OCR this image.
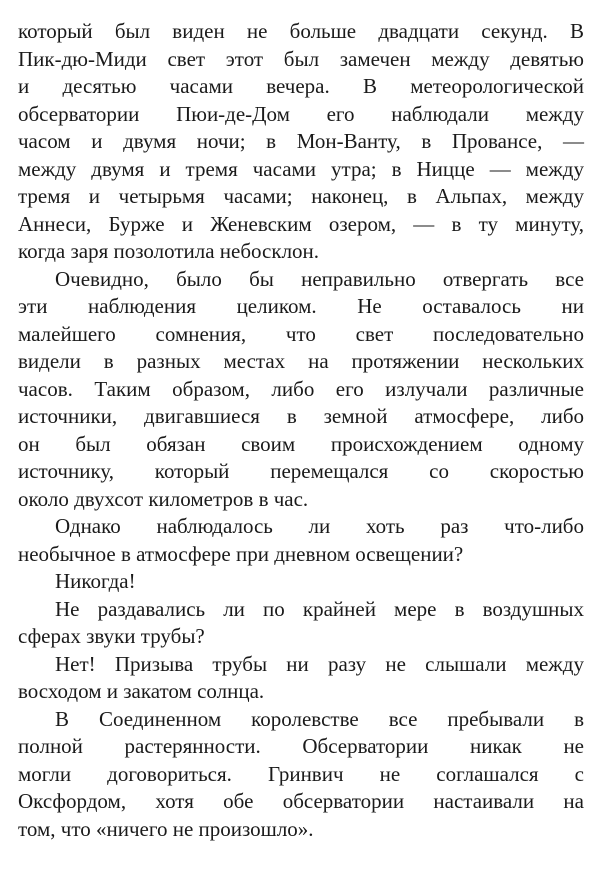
который был виден не больше двадцати секунд. В
Пик-дю-Миди свет этот был замечен между девятью
и десятью часами вечера. В метеорологической
обсерватории Пюи-де-Дом его наблюдали между
часом и двумя ночи; в Мон-Ванту, в Провансе, —
между двумя и тремя часами утра; в Ницце — между
тремя и четырьмя часами; наконец, в Альпах, между
Аннеси, Бурже и Женевским озером, — в ту минуту,
когда заря позолотила небосклон.
Очевидно, было бы неправильно отвергать все
эти наблюдения целиком. Не оставалось ни
малейшего сомнения, что свет последовательно
видели в разных местах на протяжении нескольких
часов. Таким образом, либо его излучали различные
источники, двигавшиеся в земной атмосфере, либо
он был обязан своим происхождением одному
источнику, который перемещался со скоростью
около двухсот километров в час.
Однако наблюдалось ли хоть раз что-либо
необычное в атмосфере при дневном освещении?
Никогда!
Не раздавались ли по крайней мере в воздушных
сферах звуки трубы?
Нет! Призыва трубы ни разу не слышали между
восходом и закатом солнца.
В Соединенном королевстве все пребывали в
полной растерянности. Обсерватории никак не
могли договориться. Гринвич не соглашался с
Оксфордом, хотя обе обсерватории настаивали на
том, что «ничего не произошло».
